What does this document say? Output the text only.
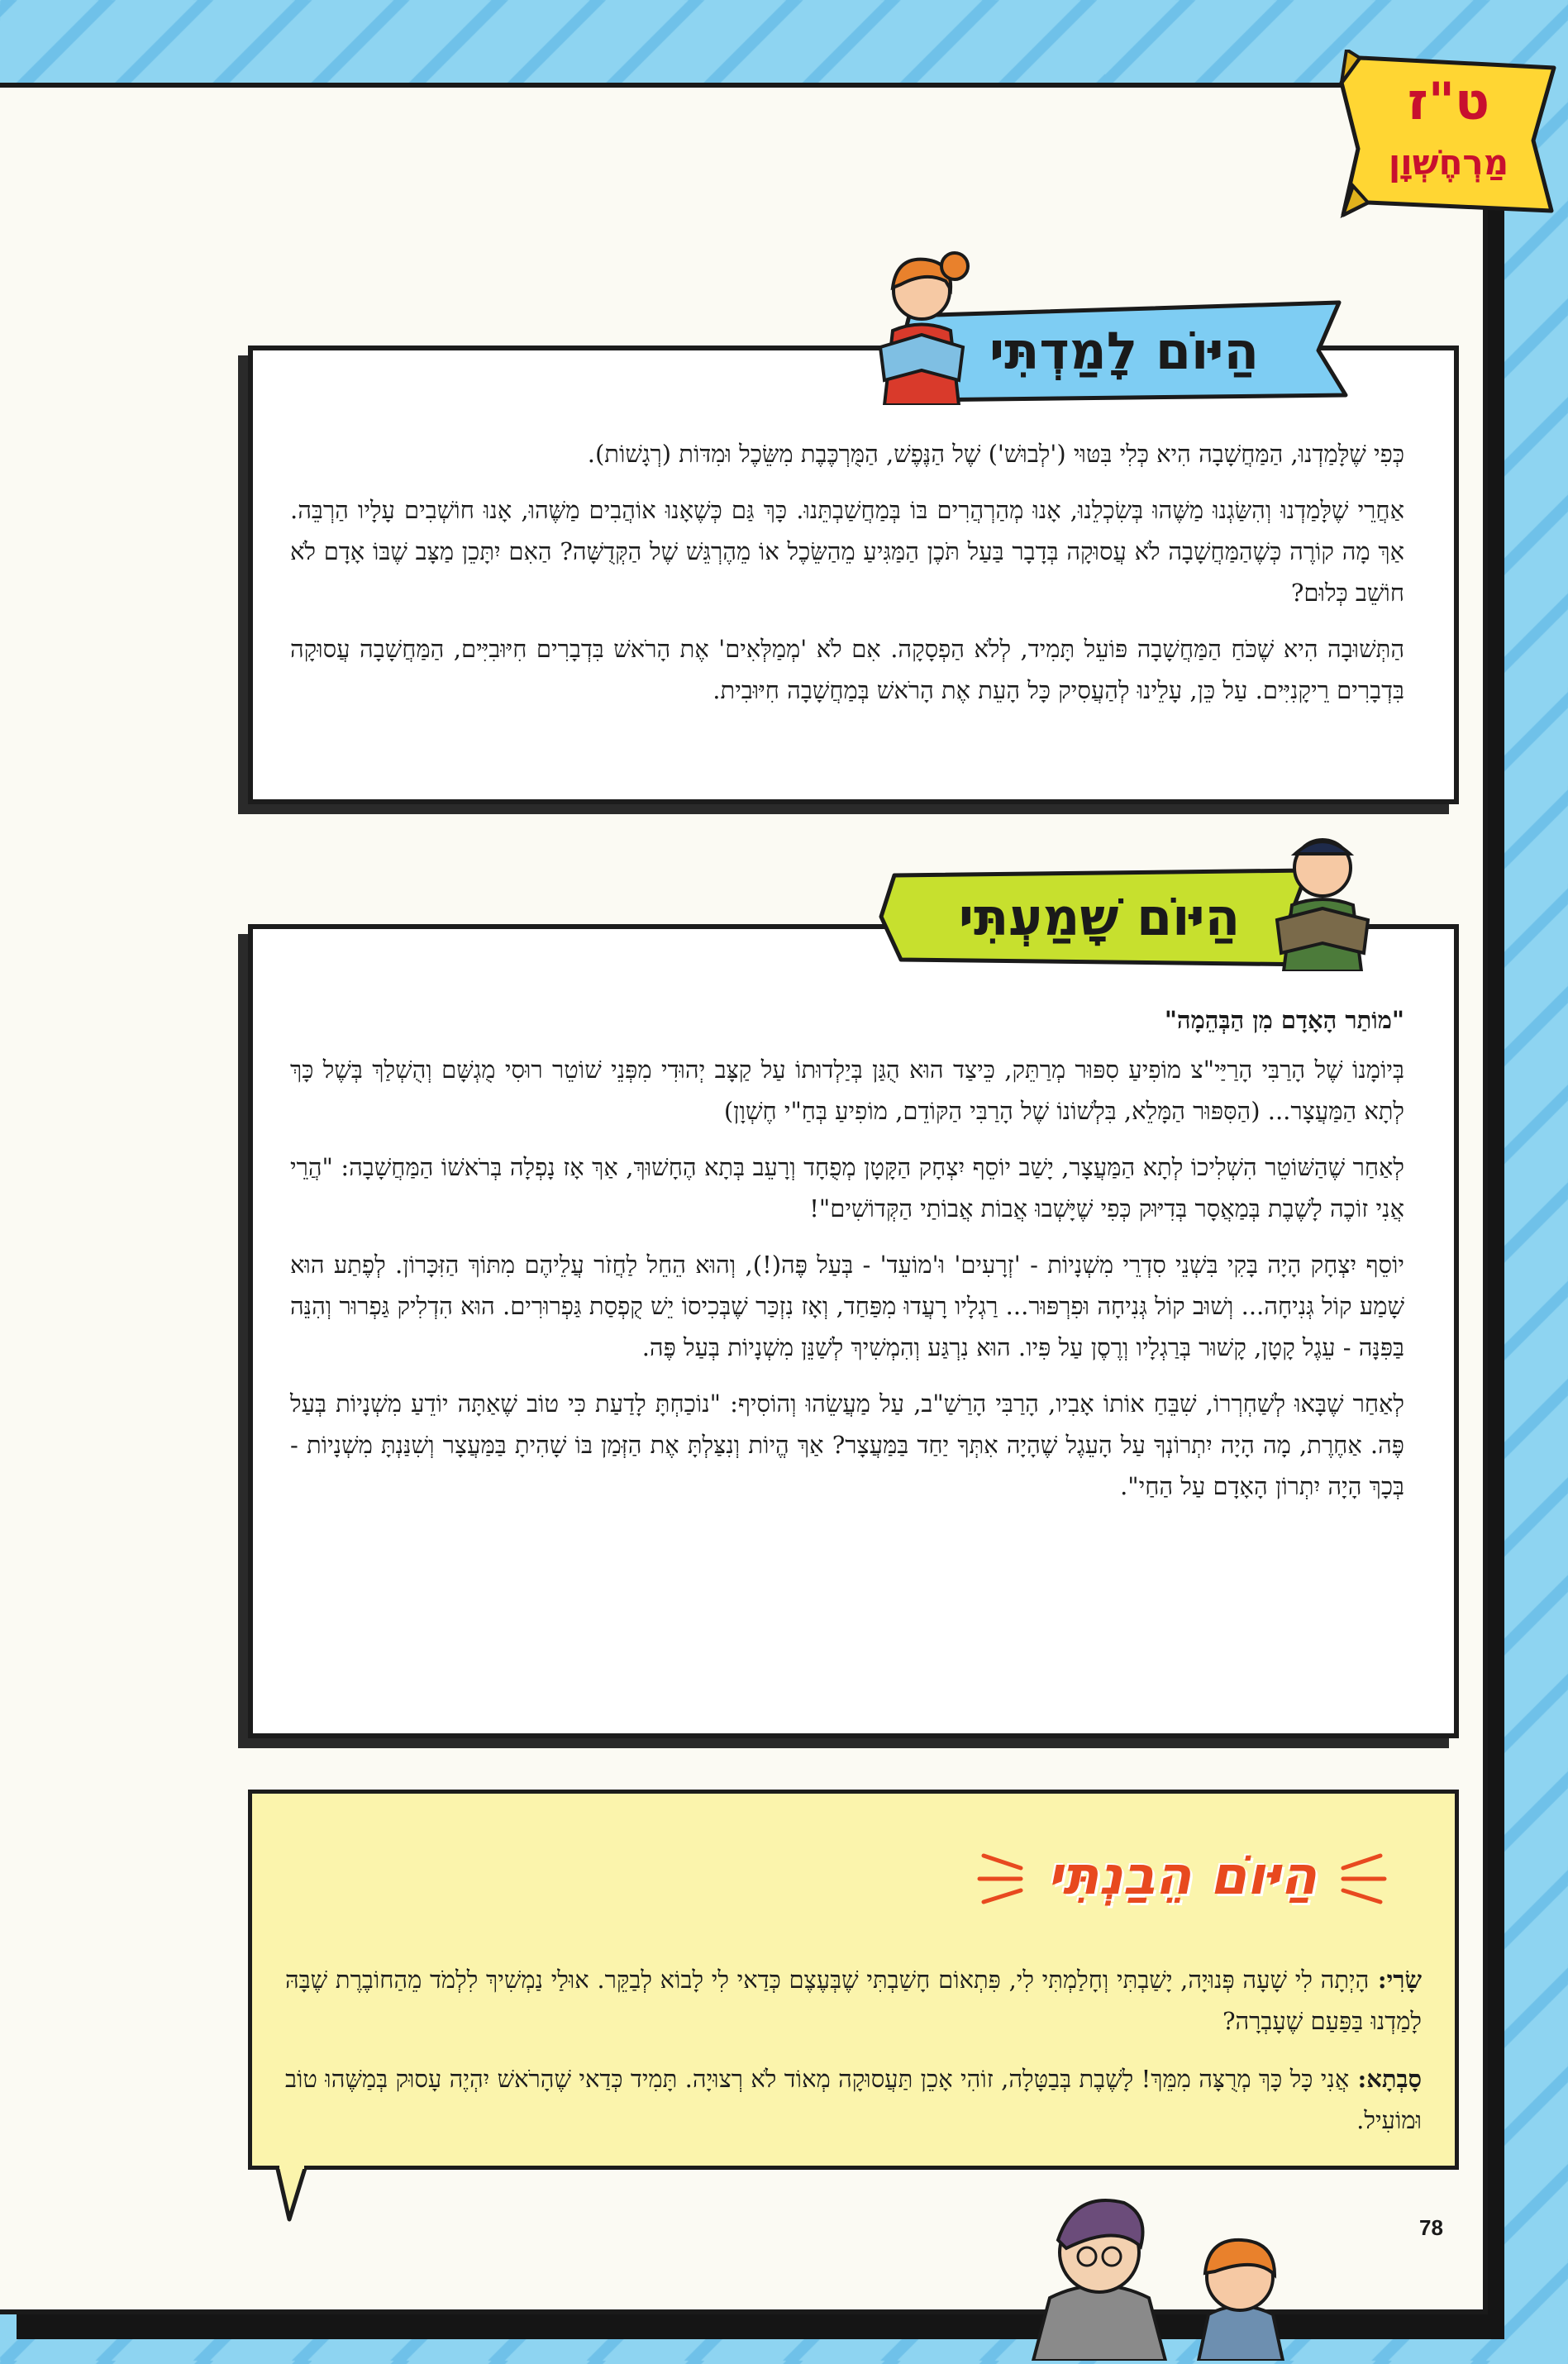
ט"ז
מַרְחֶשְׁוָן

כְּפִי שֶׁלָּמַדְנוּ, הַמַּחֲשָׁבָה הִיא כְּלִי בִּטּוּי ('לְבוּשׁ') שֶׁל הַנֶּפֶשׁ, הַמֻּרְכֶּבֶת מִשֵּׂכֶל וּמִדּוֹת (רְגָשׁוֹת).

אַחֲרֵי שֶׁלָּמַדְנוּ וְהִשַּׂגְנוּ מַשֶּׁהוּ בְּשִׂכְלֵנוּ, אָנוּ מְהַרְהֲרִים בּוֹ בְּמַחֲשַׁבְתֵּנוּ. כָּךְ גַּם כְּשֶׁאָנוּ אוֹהֲבִים מַשֶּׁהוּ, אָנוּ חוֹשְׁבִים עָלָיו הַרְבֵּה. אַךְ מָה קוֹרֶה כְּשֶׁהַמַּחֲשָׁבָה לֹא עֲסוּקָה בְּדָבָר בַּעַל תֹּכֶן הַמַּגִּיעַ מֵהַשֵּׂכֶל אוֹ מֵהֶרְגֵּשׁ שֶׁל הַקְּדֻשָּׁה? הַאִם יִתָּכֵן מַצָּב שֶׁבּוֹ אָדָם לֹא חוֹשֵׁב כְּלוּם?

הַתְּשׁוּבָה הִיא שֶׁכֹּחַ הַמַּחֲשָׁבָה פּוֹעֵל תָּמִיד, לְלֹא הַפְסָקָה. אִם לֹא 'מְמַלְּאִים' אֶת הָרֹאשׁ בִּדְבָרִים חִיּוּבִיִּים, הַמַּחֲשָׁבָה עֲסוּקָה בִּדְבָרִים רֵיקָנִיִּים. עַל כֵּן, עָלֵינוּ לְהַעֲסִיק כָּל הָעֵת אֶת הָרֹאשׁ בְּמַחֲשָׁבָה חִיּוּבִית.

הַיּוֹם לָמַדְתִּי

"מוֹתַר הָאָדָם מִן הַבְּהֵמָה"

בְּיוֹמָנוֹ שֶׁל הָרַבִּי הָרַיַּי"צ מוֹפִיעַ סִפּוּר מְרַתֵּק, כֵּיצַד הוּא הֻגַּן בְּיַלְדוּתוֹ עַל קַצָּב יְהוּדִי מִפְּנֵי שׁוֹטֵר רוּסִי מֻגְשָּׁם וְהֻשְׁלַךְ בְּשֶׁל כָּךְ לְתָא הַמַּעֲצָר... (הַסִּפּוּר הַמָּלֵא, בִּלְשׁוֹנוֹ שֶׁל הָרַבִּי הַקּוֹדֵם, מוֹפִיעַ בְּחַ"י חֶשְׁוָן)

לְאַחַר שֶׁהַשּׁוֹטֵר הִשְׁלִיכוֹ לְתָא הַמַּעֲצָר, יָשַׁב יוֹסֵף יִצְחָק הַקָּטָן מְפֻחָד וְרָעֵב בְּתָא הֶחָשׁוּךְ, אַךְ אָז נָפְלָה בְּרֹאשׁוֹ הַמַּחֲשָׁבָה: "הֲרֵי אֲנִי זוֹכֶה לָשֶׁבֶת בְּמַאֲסָר בְּדִיּוּק כְּפִי שֶׁיָּשְׁבוּ אֲבוֹת אֲבוֹתַי הַקְּדוֹשִׁים"!

יוֹסֵף יִצְחָק הָיָה בָּקִי בִּשְׁנֵי סִדְרֵי מִשְׁנָיוֹת - 'זְרָעִים' וּ'מוֹעֵד' - בְּעַל פֶּה(!), וְהוּא הֵחֵל לַחֲזֹר עֲלֵיהֶם מִתּוֹךְ הַזִּכָּרוֹן. לְפֶתַע הוּא שָׁמַע קוֹל גְּנִיחָה... וְשׁוּב קוֹל גְּנִיחָה וּפִרְפּוּר... רַגְלָיו רָעֲדוּ מִפַּחַד, וְאָז נִזְכַּר שֶׁבְּכִיסוֹ יֵשׁ קֻפְסַת גַּפְרוּרִים. הוּא הִדְלִיק גַּפְרוּר וְהִנֵּה בַּפִּנָּה - עֵגֶל קָטָן, קָשׁוּר בְּרַגְלָיו וְרֶסֶן עַל פִּיו. הוּא נִרְגַּע וְהִמְשִׁיךְ לְשַׁנֵּן מִשְׁנָיוֹת בְּעַל פֶּה.

לְאַחַר שֶׁבָּאוּ לְשַׁחְרְרוֹ, שִׁבֵּחַ אוֹתוֹ אָבִיו, הָרַבִּי הָרַשַׁ"ב, עַל מַעֲשֵׂהוּ וְהוֹסִיף: "נוֹכַחְתָּ לָדַעַת כִּי טוֹב שֶׁאַתָּה יוֹדֵעַ מִשְׁנָיוֹת בְּעַל פֶּה. אַחֶרֶת, מָה הָיָה יִתְרוֹנְךָ עַל הָעֵגֶל שֶׁהָיָה אִתְּךָ יַחַד בַּמַּעֲצָר? אַךְ הֱיוֹת וְנִצַּלְתָּ אֶת הַזְּמַן בּוֹ שָׁהִיתָ בַּמַּעֲצָר וְשִׁנַּנְתָּ מִשְׁנָיוֹת - בְּכָךְ הָיָה יִתְרוֹן הָאָדָם עַל הַחַי".

הַיּוֹם שָׁמַעְתִּי
הַיּוֹם הֵבַנְתִּי

שָׂרִי: הָיְתָה לִי שָׁעָה פְּנוּיָה, יָשַׁבְתִּי וְחָלַמְתִּי לִי, פִּתְאוֹם חָשַׁבְתִּי שֶׁבְּעֶצֶם כְּדַאי לִי לָבוֹא לְבַקֵּר. אוּלַי נַמְשִׁיךְ לִלְמֹד מֵהַחוֹבֶרֶת שֶׁבָּהּ לָמַדְנוּ בַּפַּעַם שֶׁעָבְרָה?

סָבְתָא: אֲנִי כָּל כָּךְ מְרֻצָּה מִמֵּךְ! לָשֶׁבֶת בְּבַטָּלָה, זוֹהִי אָכֵן תַּעֲסוּקָה מְאוֹד לֹא רְצוּיָה. תָּמִיד כְּדַאי שֶׁהָרֹאשׁ יִהְיֶה עָסוּק בְּמַשֶּׁהוּ טוֹב וּמוֹעִיל.

78
